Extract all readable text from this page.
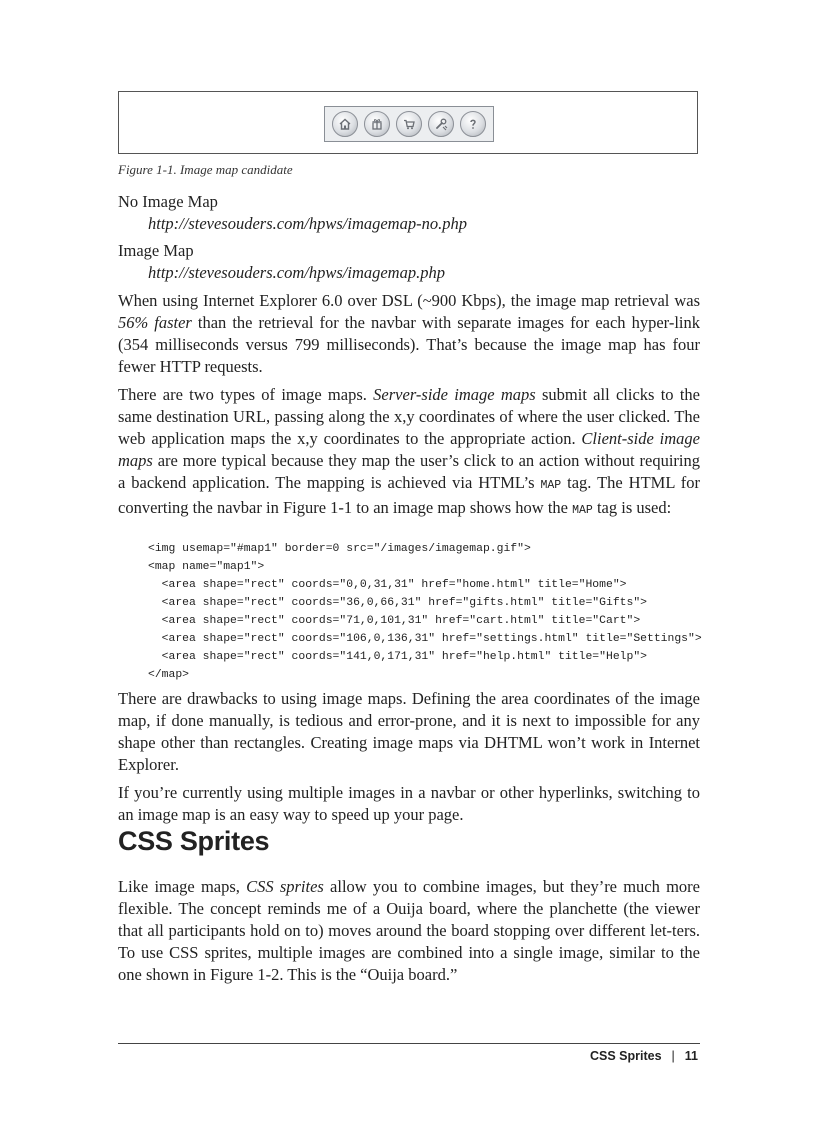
Figure 1-1. Image map candidate
No Image Map
http://stevesouders.com/hpws/imagemap-no.php
Image Map
http://stevesouders.com/hpws/imagemap.php
When using Internet Explorer 6.0 over DSL (~900 Kbps), the image map retrieval was 56% faster than the retrieval for the navbar with separate images for each hyper-link (354 milliseconds versus 799 milliseconds). That’s because the image map has four fewer HTTP requests.
There are two types of image maps. Server-side image maps submit all clicks to the same destination URL, passing along the x,y coordinates of where the user clicked. The web application maps the x,y coordinates to the appropriate action. Client-side image maps are more typical because they map the user’s click to an action without requiring a backend application. The mapping is achieved via HTML’s MAP tag. The HTML for converting the navbar in Figure 1-1 to an image map shows how the MAP tag is used:
<img usemap="#map1" border=0 src="/images/imagemap.gif">
<map name="map1">
<area shape="rect" coords="0,0,31,31" href="home.html" title="Home">
<area shape="rect" coords="36,0,66,31" href="gifts.html" title="Gifts">
<area shape="rect" coords="71,0,101,31" href="cart.html" title="Cart">
<area shape="rect" coords="106,0,136,31" href="settings.html" title="Settings">
<area shape="rect" coords="141,0,171,31" href="help.html" title="Help">
</map>
There are drawbacks to using image maps. Defining the area coordinates of the image map, if done manually, is tedious and error-prone, and it is next to impossible for any shape other than rectangles. Creating image maps via DHTML won’t work in Internet Explorer.
If you’re currently using multiple images in a navbar or other hyperlinks, switching to an image map is an easy way to speed up your page.
CSS Sprites
Like image maps, CSS sprites allow you to combine images, but they’re much more flexible. The concept reminds me of a Ouija board, where the planchette (the viewer that all participants hold on to) moves around the board stopping over different let-ters. To use CSS sprites, multiple images are combined into a single image, similar to the one shown in Figure 1-2. This is the “Ouija board.”
CSS Sprites | 11
